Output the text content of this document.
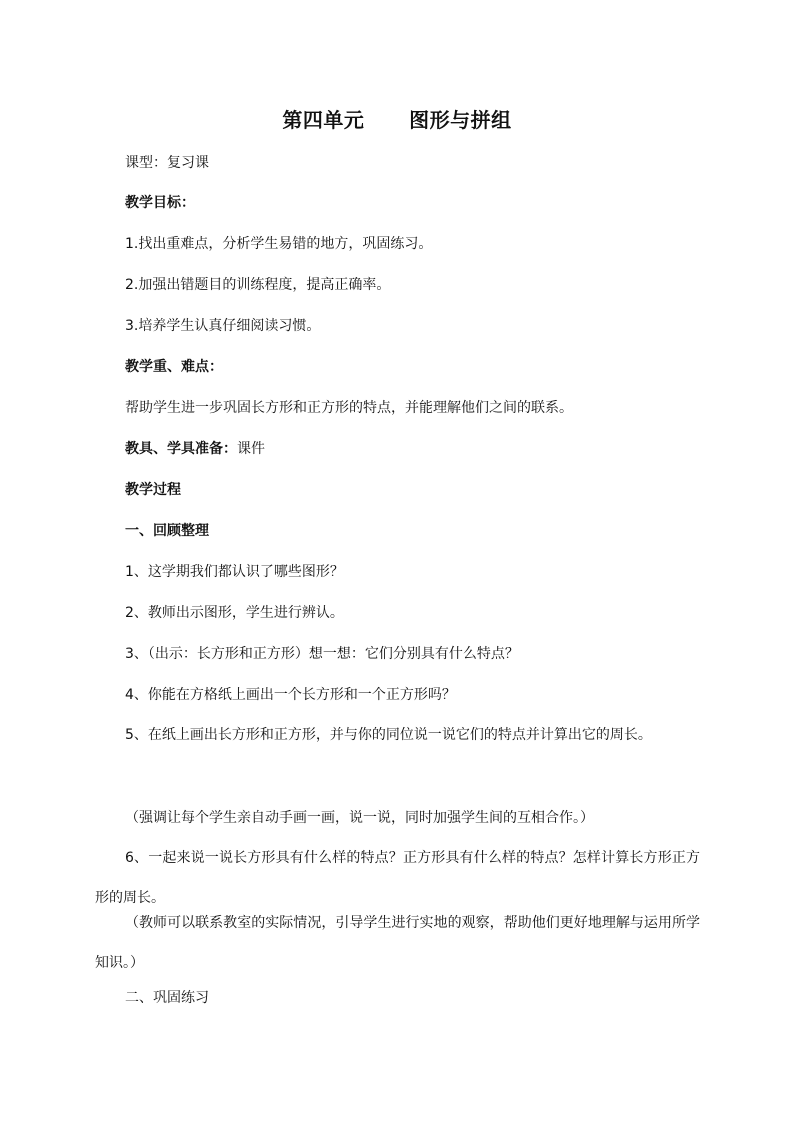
第四单元      图形与拼组
课型：复习课
教学目标：
1.找出重难点，分析学生易错的地方，巩固练习。
2.加强出错题目的训练程度，提高正确率。
3.培养学生认真仔细阅读习惯。
教学重、难点：
帮助学生进一步巩固长方形和正方形的特点，并能理解他们之间的联系。
教具、学具准备：课件
教学过程
一、回顾整理
1、这学期我们都认识了哪些图形？
2、教师出示图形，学生进行辨认。
3、（出示：长方形和正方形）想一想：它们分别具有什么特点？
4、你能在方格纸上画出一个长方形和一个正方形吗？
5、在纸上画出长方形和正方形，并与你的同位说一说它们的特点并计算出它的周长。
（强调让每个学生亲自动手画一画，说一说，同时加强学生间的互相合作。）
6、一起来说一说长方形具有什么样的特点？正方形具有什么样的特点？怎样计算长方形正方形的周长。
（教师可以联系教室的实际情况，引导学生进行实地的观察，帮助他们更好地理解与运用所学知识。）
二、巩固练习
